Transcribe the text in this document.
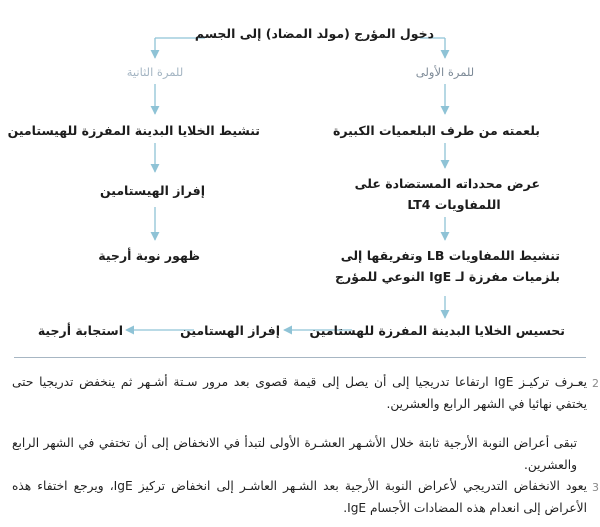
دخول المؤرج (مولد المضاد) إلى الجسم
للمرة الثانية	للمرة الأولى
تنشيط الخلايا البدينة المفرزة للهيستامين
إفراز الهيستامين
ظهور نوبة أرجية
بلعمته من طرف البلعميات الكبيرة
عرض محدداته المستضادة على
اللمفاويات LT4
تنشيط اللمفاويات LB وتفريقها إلى
بلزميات مفرزة لـ IgE النوعي للمؤرج
تحسيس الخلايا البدينة المفرزة للهستامين
إفراز الهستامين
استجابة أرجية
2
يعـرف تركيـز IgE ارتفاعا تدريجيا إلى أن يصل إلى قيمة قصوى بعد مرور سـتة أشـهر ثم ينخفض تدريجيا حتى يختفي نهائيا في الشهر الرابع والعشرين.
تبقى أعراض النوبة الأرجية ثابتة خلال الأشـهر العشـرة الأولى لتبدأ في الانخفاض إلى أن تختفي في الشهر الرابع والعشرين.
3
يعود الانخفاض التدريجي لأعراض النوبة الأرجية بعد الشـهر العاشـر إلى انخفاض تركيز IgE، ويرجع اختفاء هذه الأعراض إلى انعدام هذه المضادات الأجسام IgE.
